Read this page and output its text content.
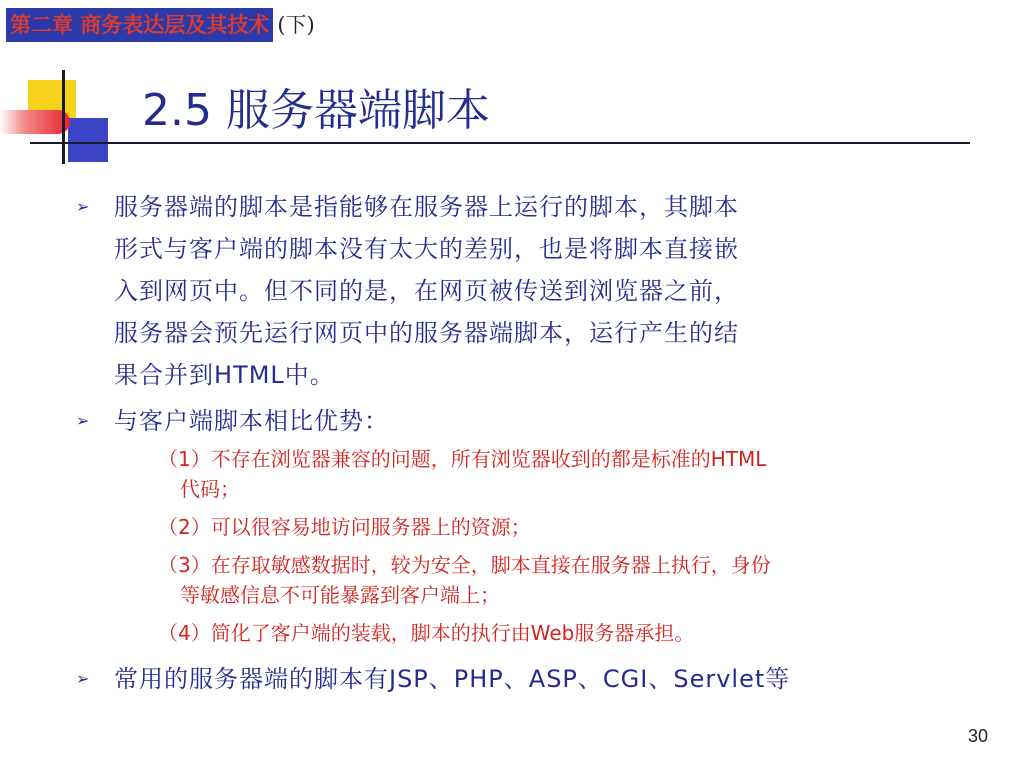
第二章 商务表达层及其技术 (下)
2.5 服务器端脚本
➢ 服务器端的脚本是指能够在服务器上运行的脚本，其脚本
形式与客户端的脚本没有太大的差别，也是将脚本直接嵌
入到网页中。但不同的是，在网页被传送到浏览器之前，
服务器会预先运行网页中的服务器端脚本，运行产生的结
果合并到HTML中。
➢ 与客户端脚本相比优势：
（1）不存在浏览器兼容的问题，所有浏览器收到的都是标准的HTML
代码；
（2）可以很容易地访问服务器上的资源；
（3）在存取敏感数据时，较为安全，脚本直接在服务器上执行，身份
等敏感信息不可能暴露到客户端上；
（4）简化了客户端的装载，脚本的执行由Web服务器承担。
➢ 常用的服务器端的脚本有JSP、PHP、ASP、CGI、Servlet等
30
